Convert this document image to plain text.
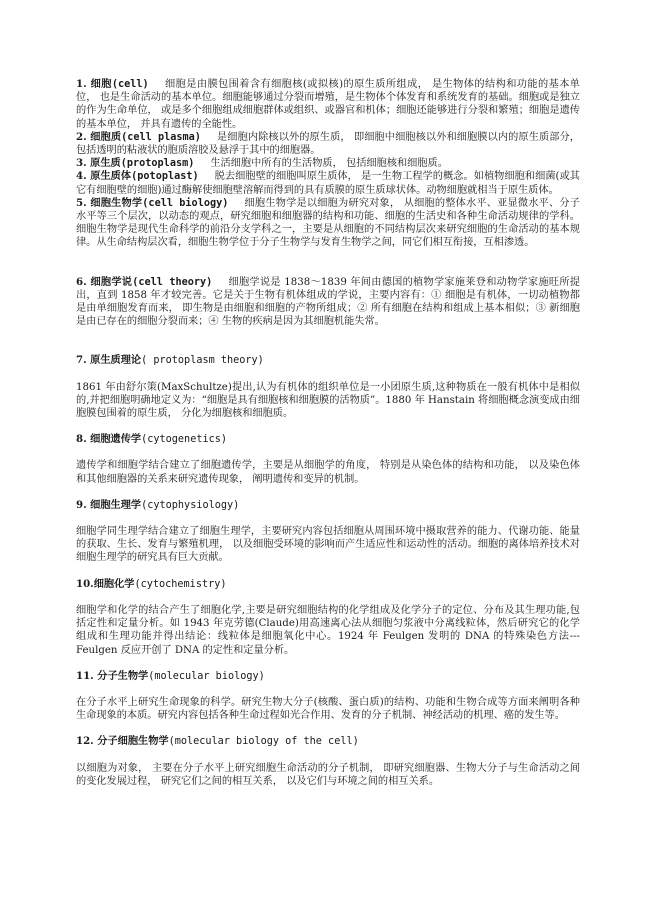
1. 细胞(cell) 细胞是由膜包围着含有细胞核(或拟核)的原生质所组成， 是生物体的结构和功能的基本单位， 也是生命活动的基本单位。细胞能够通过分裂而增殖，是生物体个体发育和系统发育的基础。细胞或是独立的作为生命单位， 或是多个细胞组成细胞群体或组织、或器官和机体；细胞还能够进行分裂和繁殖；细胞是遗传的基本单位， 并具有遗传的全能性。

2. 细胞质(cell plasma) 是细胞内除核以外的原生质， 即细胞中细胞核以外和细胞膜以内的原生质部分， 包括透明的粘液状的胞质溶胶及悬浮于其中的细胞器。

3. 原生质(protoplasm) 生活细胞中所有的生活物质， 包括细胞核和细胞质。

4. 原生质体(potoplast) 脱去细胞壁的细胞叫原生质体， 是一生物工程学的概念。如植物细胞和细菌(或其它有细胞壁的细胞)通过酶解使细胞壁溶解而得到的具有质膜的原生质球状体。动物细胞就相当于原生质体。

5. 细胞生物学(cell biology) 细胞生物学是以细胞为研究对象， 从细胞的整体水平、亚显微水平、分子水平等三个层次，以动态的观点，研究细胞和细胞器的结构和功能、细胞的生活史和各种生命活动规律的学科。细胞生物学是现代生命科学的前沿分支学科之一，主要是从细胞的不同结构层次来研究细胞的生命活动的基本规律。从生命结构层次看，细胞生物学位于分子生物学与发育生物学之间，同它们相互衔接，互相渗透。

6. 细胞学说(cell theory) 细胞学说是 1838～1839 年间由德国的植物学家施莱登和动物学家施旺所提出，直到 1858 年才较完善。它是关于生物有机体组成的学说，主要内容有：① 细胞是有机体，一切动植物都是由单细胞发育而来， 即生物是由细胞和细胞的产物所组成；② 所有细胞在结构和组成上基本相似；③ 新细胞是由已存在的细胞分裂而来；④ 生物的疾病是因为其细胞机能失常。

7. 原生质理论( protoplasm theory)

1861 年由舒尔策(MaxSchultze)提出,认为有机体的组织单位是一小团原生质,这种物质在一般有机体中是相似的,并把细胞明确地定义为：“细胞是具有细胞核和细胞膜的活物质”。1880 年 Hanstain 将细胞概念演变成由细胞膜包围着的原生质， 分化为细胞核和细胞质。

8. 细胞遗传学(cytogenetics)

遗传学和细胞学结合建立了细胞遗传学，主要是从细胞学的角度， 特别是从染色体的结构和功能， 以及染色体和其他细胞器的关系来研究遗传现象， 阐明遗传和变异的机制。

9. 细胞生理学(cytophysiology)

细胞学同生理学结合建立了细胞生理学，主要研究内容包括细胞从周围环境中摄取营养的能力、代谢功能、能量的获取、生长、发育与繁殖机理， 以及细胞受环境的影响而产生适应性和运动性的活动。细胞的离体培养技术对细胞生理学的研究具有巨大贡献。

10.细胞化学(cytochemistry)

细胞学和化学的结合产生了细胞化学,主要是研究细胞结构的化学组成及化学分子的定位、分布及其生理功能,包括定性和定量分析。如 1943 年克劳德(Claude)用高速离心法从细胞匀浆液中分离线粒体，然后研究它的化学组成和生理功能并得出结论：线粒体是细胞氧化中心。1924 年 Feulgen 发明的 DNA 的特殊染色方法---Feulgen 反应开创了 DNA 的定性和定量分析。

11. 分子生物学(molecular biology)

在分子水平上研究生命现象的科学。研究生物大分子(核酸、蛋白质)的结构、功能和生物合成等方面来阐明各种生命现象的本质。研究内容包括各种生命过程如光合作用、发育的分子机制、神经活动的机理、癌的发生等。

12. 分子细胞生物学(molecular biology of the cell)

以细胞为对象， 主要在分子水平上研究细胞生命活动的分子机制， 即研究细胞器、生物大分子与生命活动之间的变化发展过程， 研究它们之间的相互关系， 以及它们与环境之间的相互关系。
